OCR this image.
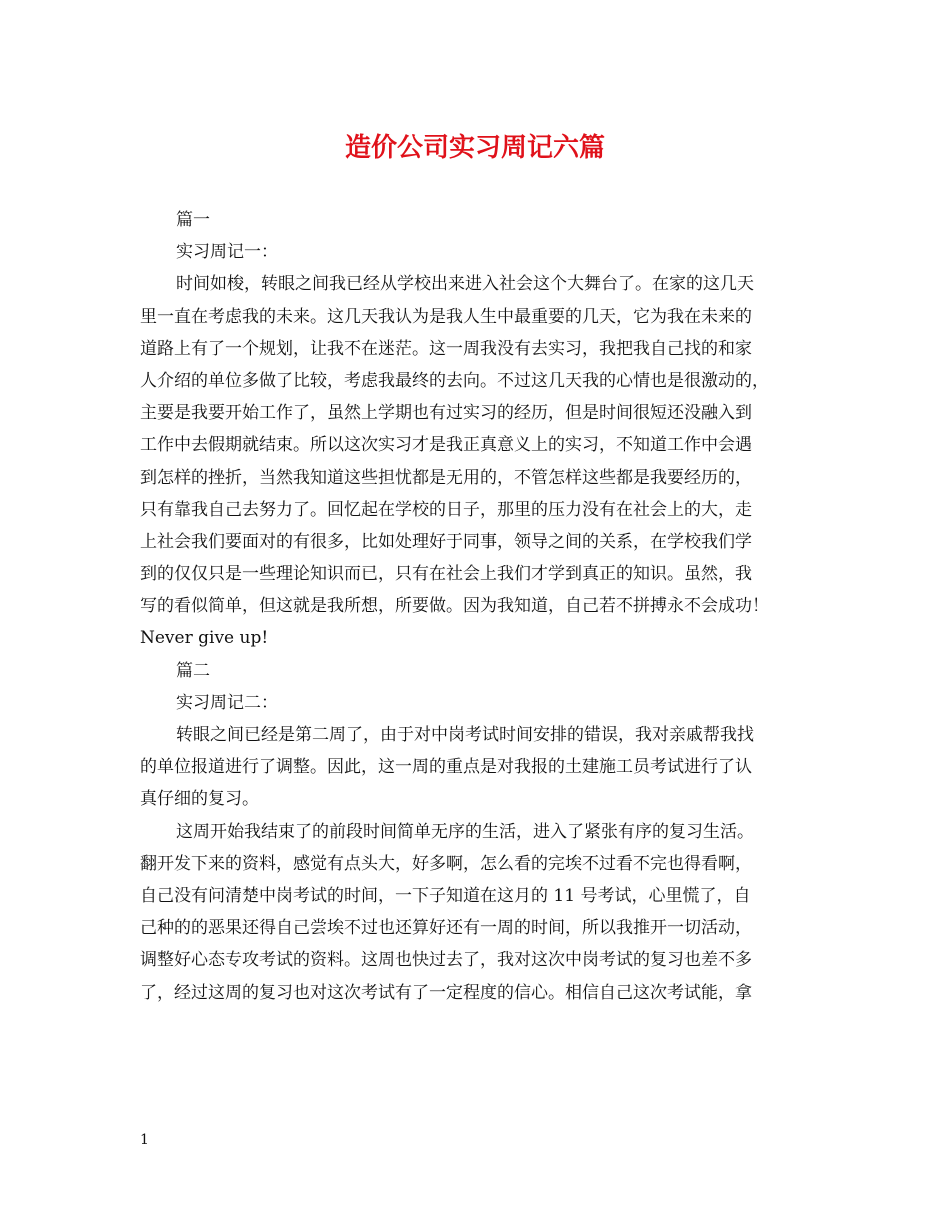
造价公司实习周记六篇
篇一
实习周记一：
时间如梭，转眼之间我已经从学校出来进入社会这个大舞台了。在家的这几天
里一直在考虑我的未来。这几天我认为是我人生中最重要的几天，它为我在未来的
道路上有了一个规划，让我不在迷茫。这一周我没有去实习，我把我自己找的和家
人介绍的单位多做了比较，考虑我最终的去向。不过这几天我的心情也是很激动的，
主要是我要开始工作了，虽然上学期也有过实习的经历，但是时间很短还没融入到
工作中去假期就结束。所以这次实习才是我正真意义上的实习，不知道工作中会遇
到怎样的挫折，当然我知道这些担忧都是无用的，不管怎样这些都是我要经历的，
只有靠我自己去努力了。回忆起在学校的日子，那里的压力没有在社会上的大，走
上社会我们要面对的有很多，比如处理好于同事，领导之间的关系，在学校我们学
到的仅仅只是一些理论知识而已，只有在社会上我们才学到真正的知识。虽然，我
写的看似简单，但这就是我所想，所要做。因为我知道，自己若不拼搏永不会成功！
Never give up!
篇二
实习周记二：
转眼之间已经是第二周了，由于对中岗考试时间安排的错误，我对亲戚帮我找
的单位报道进行了调整。因此，这一周的重点是对我报的土建施工员考试进行了认
真仔细的复习。
这周开始我结束了的前段时间简单无序的生活，进入了紧张有序的复习生活。
翻开发下来的资料，感觉有点头大，好多啊，怎么看的完埃不过看不完也得看啊，
自己没有问清楚中岗考试的时间，一下子知道在这月的 11 号考试，心里慌了，自
己种的的恶果还得自己尝埃不过也还算好还有一周的时间，所以我推开一切活动，
调整好心态专攻考试的资料。这周也快过去了，我对这次中岗考试的复习也差不多
了，经过这周的复习也对这次考试有了一定程度的信心。相信自己这次考试能，拿
1
